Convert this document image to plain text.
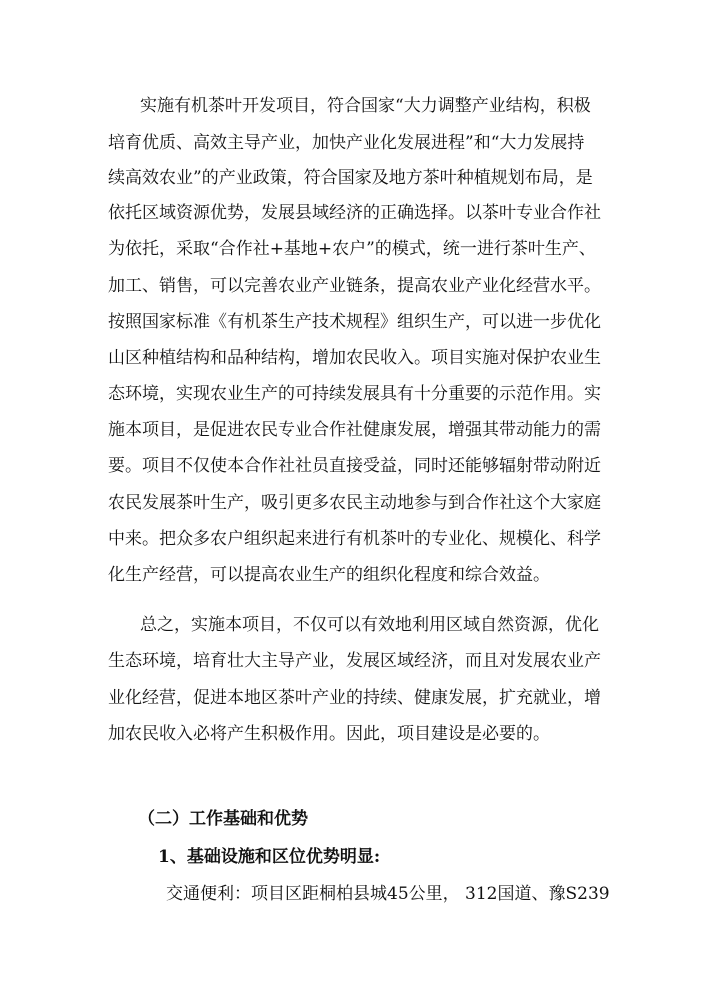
实施有机茶叶开发项目，符合国家“大力调整产业结构，积极
培育优质、高效主导产业，加快产业化发展进程”和“大力发展持
续高效农业”的产业政策，符合国家及地方茶叶种植规划布局，是
依托区域资源优势，发展县域经济的正确选择。以茶叶专业合作社
为依托，采取“合作社+基地+农户”的模式，统一进行茶叶生产、
加工、销售，可以完善农业产业链条，提高农业产业化经营水平。
按照国家标准《有机茶生产技术规程》组织生产，可以进一步优化
山区种植结构和品种结构，增加农民收入。项目实施对保护农业生
态环境，实现农业生产的可持续发展具有十分重要的示范作用。实
施本项目，是促进农民专业合作社健康发展，增强其带动能力的需
要。项目不仅使本合作社社员直接受益，同时还能够辐射带动附近
农民发展茶叶生产，吸引更多农民主动地参与到合作社这个大家庭
中来。把众多农户组织起来进行有机茶叶的专业化、规模化、科学
化生产经营，可以提高农业生产的组织化程度和综合效益。
总之，实施本项目，不仅可以有效地利用区域自然资源，优化
生态环境，培育壮大主导产业，发展区域经济，而且对发展农业产
业化经营，促进本地区茶叶产业的持续、健康发展，扩充就业，增
加农民收入必将产生积极作用。因此，项目建设是必要的。
（二）工作基础和优势
1、基础设施和区位优势明显:
交通便利：项目区距桐柏县城45公里， 312国道、豫S239
